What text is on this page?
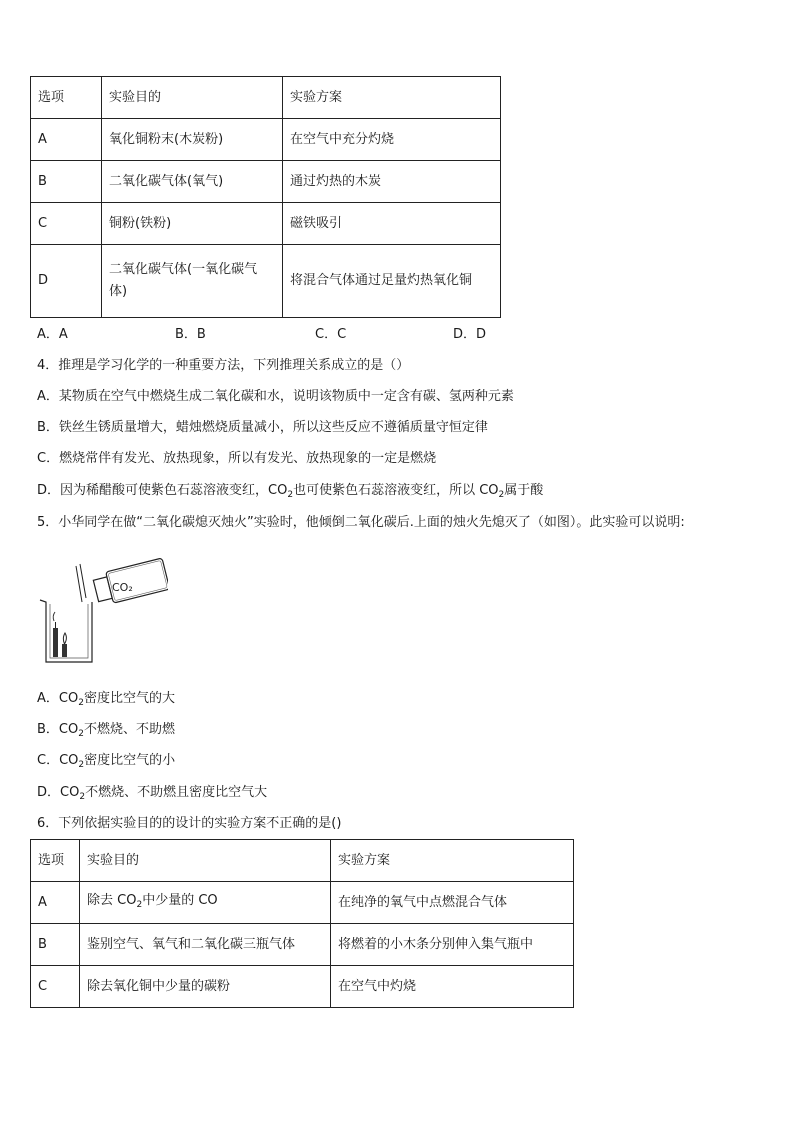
选项	实验目的	实验方案
A	氧化铜粉末(木炭粉)	在空气中充分灼烧
B	二氧化碳气体(氧气)	通过灼热的木炭
C	铜粉(铁粉)	磁铁吸引
D	二氧化碳气体(一氧化碳气体)	将混合气体通过足量灼热氧化铜
A．A	B．B	C．C	D．D
4．推理是学习化学的一种重要方法，下列推理关系成立的是（）
A．某物质在空气中燃烧生成二氧化碳和水，说明该物质中一定含有碳、氢两种元素
B．铁丝生锈质量增大，蜡烛燃烧质量减小，所以这些反应不遵循质量守恒定律
C．燃烧常伴有发光、放热现象，所以有发光、放热现象的一定是燃烧
D．因为稀醋酸可使紫色石蕊溶液变红，$CO_2$也可使紫色石蕊溶液变红，所以 $CO_2$属于酸
5．小华同学在做“二氧化碳熄灭烛火”实验时，他倾倒二氧化碳后.上面的烛火先熄灭了（如图）。此实验可以说明:
CO₂
A．$CO_2$密度比空气的大
B．$CO_2$不燃烧、不助燃
C．$CO_2$密度比空气的小
D．$CO_2$不燃烧、不助燃且密度比空气大
6．下列依据实验目的的设计的实验方案不正确的是()
选项	实验目的	实验方案
A	除去 $CO_2$中少量的 CO	在纯净的氧气中点燃混合气体
B	鉴别空气、氧气和二氧化碳三瓶气体	将燃着的小木条分别伸入集气瓶中
C	除去氧化铜中少量的碳粉	在空气中灼烧
